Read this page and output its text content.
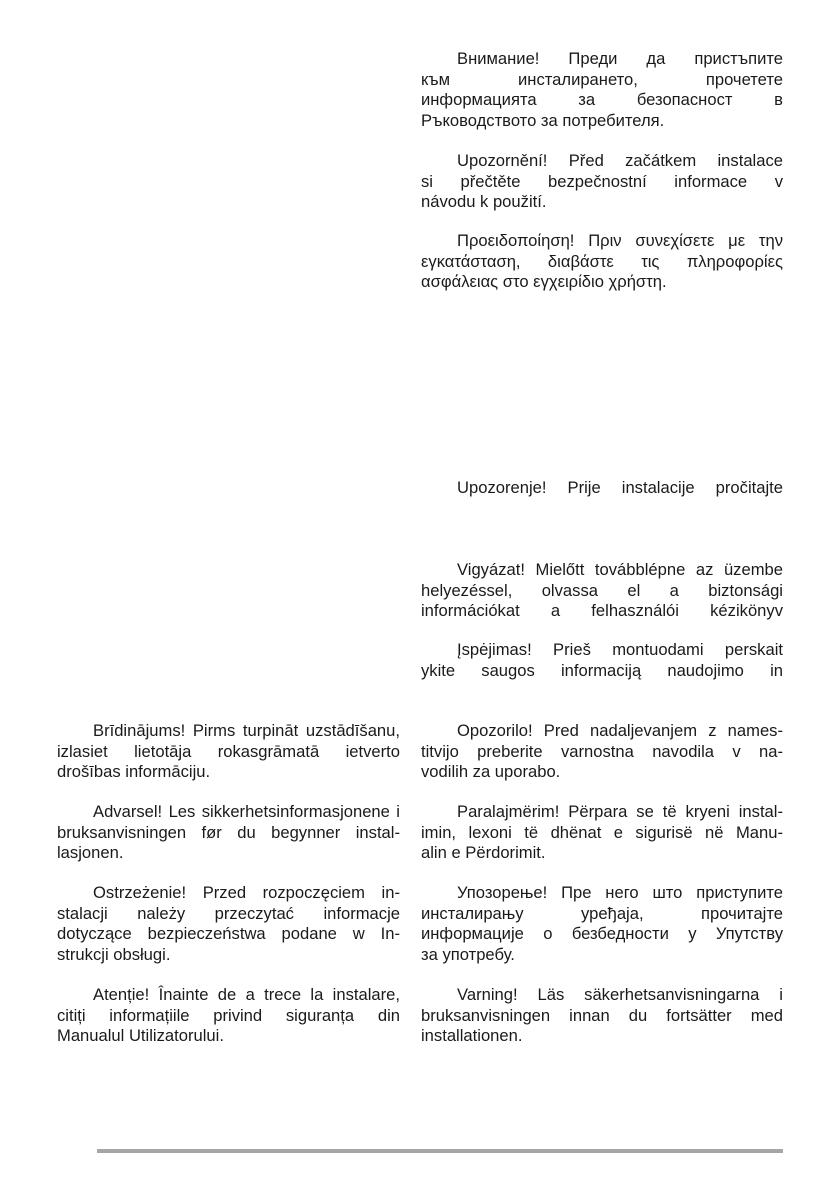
Внимание! Преди да пристъпите
към инсталирането, прочетете
информацията за безопасност в
Ръководството за потребителя.
Upozornění! Před začátkem instalace
si přečtěte bezpečnostní informace v
návodu k použití.
Προειδοποίηση! Πριν συνεχίσετε με την
εγκατάσταση, διαβάστε τις πληροφορίες
ασφάλειας στο εγχειρίδιο χρήστη.
Upozorenje! Prije instalacije pročitajte
Vigyázat! Mielőtt továbblépne az üzembe
helyezéssel, olvassa el a biztonsági
információkat a felhasználói kézikönyv
Įspėjimas! Prieš montuodami perskait
ykite saugos informaciją naudojimo in
Opozorilo! Pred nadaljevanjem z names-
titvijo preberite varnostna navodila v na-
vodilih za uporabo.
Paralajmërim! Përpara se të kryeni instal-
imin, lexoni të dhënat e sigurisë në Manu-
alin e Përdorimit.
Упозорење! Пре него што приступите
инсталирању уређаја, прочитајте
информације о безбедности у Упутству
за употребу.
Varning! Läs säkerhetsanvisningarna i
bruksanvisningen innan du fortsätter med
installationen.
Brīdinājums! Pirms turpināt uzstādīšanu,
izlasiet lietotāja rokasgrāmatā ietverto
drošības informāciju.
Advarsel! Les sikkerhetsinformasjonene i
bruksanvisningen før du begynner instal-
lasjonen.
Ostrzeżenie! Przed rozpoczęciem in-
stalacji należy przeczytać informacje
dotyczące bezpieczeństwa podane w In-
strukcji obsługi.
Atenție! Înainte de a trece la instalare,
citiți informațiile privind siguranța din
Manualul Utilizatorului.
